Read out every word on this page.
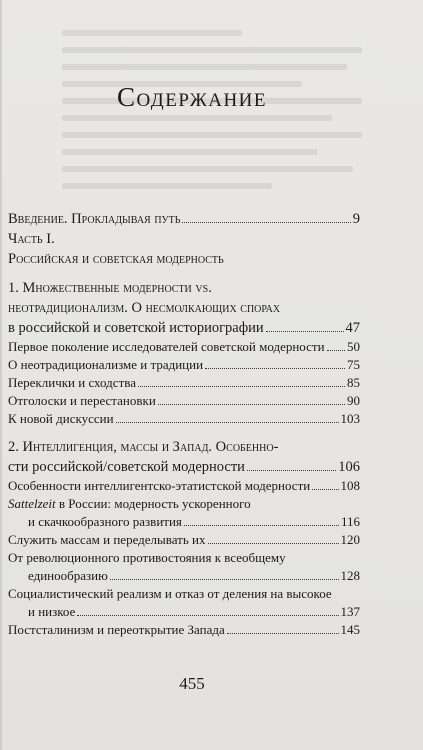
Содержание
Введение. Прокладывая путь	9
Часть I.
Российская и советская модерность
1. Множественные модерности vs.
неотрадиционализм. О несмолкающих спорах
в российской и советской историографии	47
Первое поколение исследователей советской модерности 50
О неотрадиционализме и традиции	75
Переклички и сходства	85
Отголоски и перестановки	90
К новой дискуссии	103
2. Интеллигенция, массы и Запад. Особенно-
сти российской/советской модерности	106
Особенности интеллигентско-этатистской модерности 108
Sattelzeit в России: модерность ускоренного
и скачкообразного развития	116
Служить массам и переделывать их	120
От революционного противостояния к всеобщему
единообразию	128
Социалистический реализм и отказ от деления на высокое
и низкое	137
Постсталинизм и переоткрытие Запада	145
455
